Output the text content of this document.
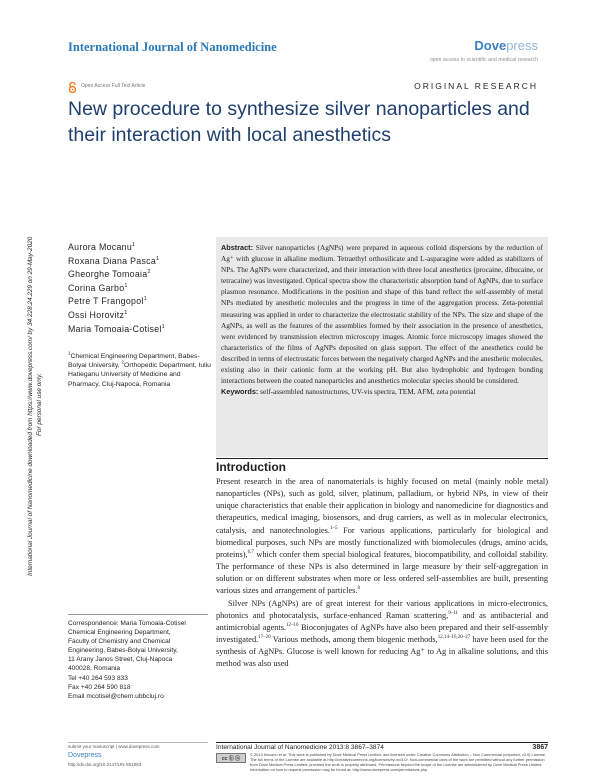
International Journal of Nanomedicine	Dovepress
open access to scientific and medical research
Open Access Full Text Article	ORIGINAL RESEARCH
New procedure to synthesize silver nanoparticles and their interaction with local anesthetics
International Journal of Nanomedicine downloaded from https://www.dovepress.com/ by 34.228.24.229 on 29-May-2020 For personal use only.
Aurora Mocanu$^1$
Roxana Diana Pasca$^1$
Gheorghe Tomoaia$^2$
Corina Garbo$^1$
Petre T Frangopol$^1$
Ossi Horovitz$^1$
Maria Tomoaia-Cotisel$^1$
$^1$Chemical Engineering Department, Babes-Bolyai University, $^2$Orthopedic Department, Iuliu Hatieganu University of Medicine and Pharmacy, Cluj-Napoca, Romania
Correspondence: Maria Tomoaia-Cotisel
Chemical Engineering Department,
Faculty of Chemistry and Chemical
Engineering, Babes-Bolyai University,
11 Arany Janos Street, Cluj-Napoca
400028, Romania
Tel +40 264 593 833
Fax +40 264 590 818
Email mcotisel@chem.ubbcluj.ro
Abstract: Silver nanoparticles (AgNPs) were prepared in aqueous colloid dispersions by the reduction of Ag⁺ with glucose in alkaline medium. Tetraethyl orthosilicate and L-asparagine were added as stabilizers of NPs. The AgNPs were characterized, and their interaction with three local anesthetics (procaine, dibucaine, or tetracaine) was investigated. Optical spectra show the characteristic absorption band of AgNPs, due to surface plasmon resonance. Modifications in the position and shape of this band reflect the self-assembly of metal NPs mediated by anesthetic molecules and the progress in time of the aggregation process. Zeta-potential measuring was applied in order to characterize the electrostatic stability of the NPs. The size and shape of the AgNPs, as well as the features of the assemblies formed by their association in the presence of anesthetics, were evidenced by transmission electron microscopy images. Atomic force microscopy images showed the characteristics of the films of AgNPs deposited on glass support. The effect of the anesthetics could be described in terms of electrostatic forces between the negatively charged AgNPs and the anesthetic molecules, existing also in their cationic form at the working pH. But also hydrophobic and hydrogen bonding interactions between the coated nanoparticles and anesthetics molecular species should be considered.
Keywords: self-assembled nanostructures, UV-vis spectra, TEM, AFM, zeta potential
Introduction

Present research in the area of nanomaterials is highly focused on metal (mainly noble metal) nanoparticles (NPs), such as gold, silver, platinum, palladium, or hybrid NPs, in view of their unique characteristics that enable their application in biology and nanomedicine for diagnostics and therapeutics, medical imaging, biosensors, and drug carriers, as well as in molecular electronics, catalysis, and nanotechnologies.$^{1-5}$ For various applications, particularly for biological and biomedical purposes, such NPs are mostly functionalized with biomolecules (drugs, amino acids, proteins),$^{6,7}$ which confer them special biological features, biocompatibility, and colloidal stability. The performance of these NPs is also determined in large measure by their self-aggregation in solution or on different substrates when more or less ordered self-assemblies are built, presenting various sizes and arrangement of particles.$^8$

Silver NPs (AgNPs) are of great interest for their various applications in micro-electronics, photonics and photocatalysis, surface-enhanced Raman scattering,$^{9-11}$ and as antibacterial and antimicrobial agents.$^{12-16}$ Bioconjugates of AgNPs have also been prepared and their self-assembly investigated.$^{17-20}$ Various methods, among them biogenic methods,$^{12,14-16,20-27}$ have been used for the synthesis of AgNPs. Glucose is well known for reducing Ag⁺ to Ag in alkaline solutions, and this method was also used

submit your manuscript | www.dovepress.com
Dovepress
http://dx.doi.org/10.2147/IJN.S51063
International Journal of Nanomedicine 2013:8 3867–3874	3867
cc ⓑ ⓝ
© 2013 Mocanu et al. This work is published by Dove Medical Press Limited, and licensed under Creative Commons Attribution – Non Commercial (unported, v3.0) License. The full terms of the License are available at http://creativecommons.org/licenses/by-nc/3.0/. Non-commercial uses of the work are permitted without any further permission from Dove Medical Press Limited, provided the work is properly attributed. Permissions beyond the scope of the License are administered by Dove Medical Press Limited. Information on how to request permission may be found at: http://www.dovepress.com/permissions.php
